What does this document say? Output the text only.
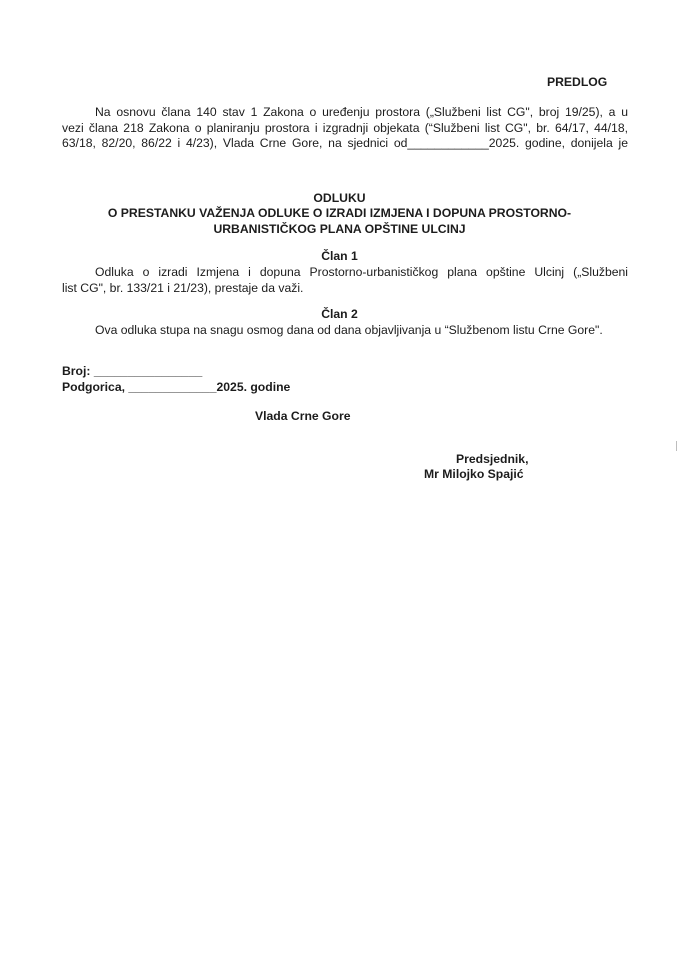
PREDLOG
Na osnovu člana 140 stav 1 Zakona o uređenju prostora („Službeni list CG", broj 19/25), a u
vezi člana 218 Zakona o planiranju prostora i izgradnji objekata (“Službeni list CG", br. 64/17, 44/18,
63/18, 82/20, 86/22 i 4/23), Vlada Crne Gore, na sjednici od____________2025. godine, donijela je
ODLUKU
O PRESTANKU VAŽENJA ODLUKE O IZRADI IZMJENA I DOPUNA PROSTORNO-
URBANISTIČKOG PLANA OPŠTINE ULCINJ
Član 1
Odluka o izradi Izmjena i dopuna Prostorno-urbanističkog plana opštine Ulcinj („Službeni
list CG", br. 133/21 i 21/23), prestaje da važi.
Član 2
Ova odluka stupa na snagu osmog dana od dana objavljivanja u “Službenom listu Crne Gore".
Broj: ________________
Podgorica, _____________2025. godine
Vlada Crne Gore
Predsjednik,
Mr Milojko Spajić
